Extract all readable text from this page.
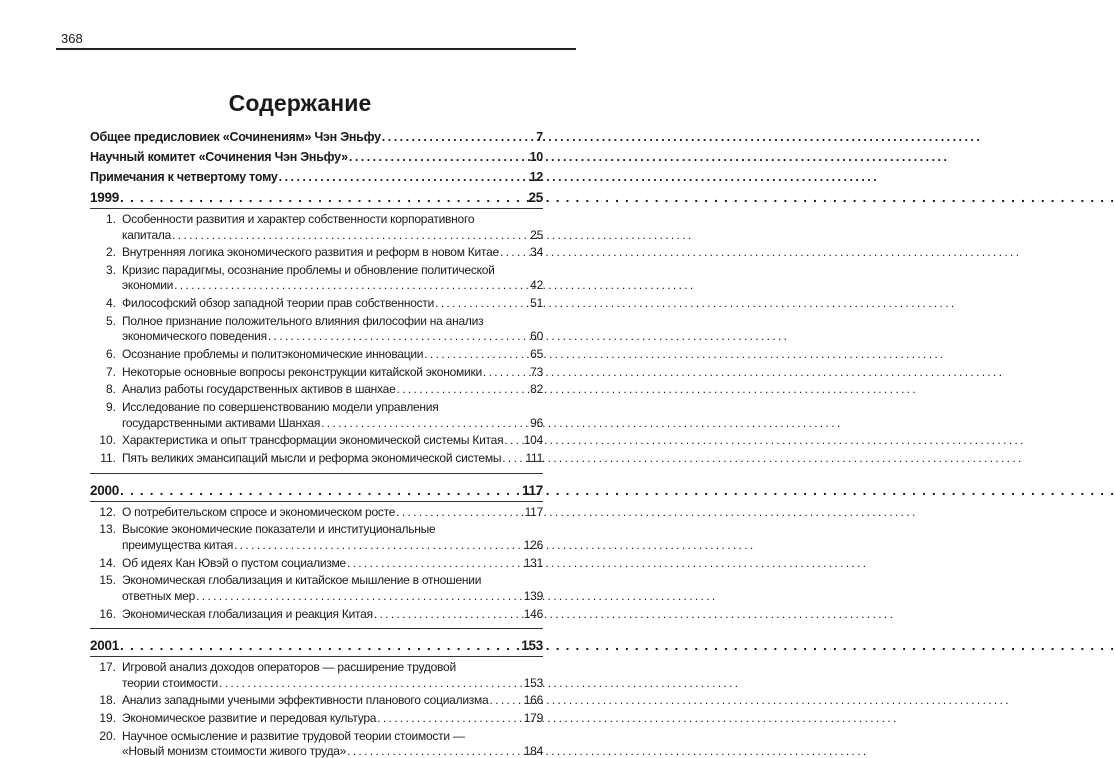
368
Содержание
Общее предисловиек «Сочинениям» Чэн Эньфу . . .	7
Научный комитет «Сочинения Чэн Эньфу» . . .	10
Примечания к четвертому тому . . .	12
1999 . . .	25
1. Особенности развития и характер собственности корпоративного
капитала . . .	25
2. Внутренняя логика экономического развития и реформ в новом Китае . . .	34
3. Кризис парадигмы, осознание проблемы и обновление политической
экономии . . .	42
4. Философский обзор западной теории прав собственности . . .	51
5. Полное признание положительного влияния философии на анализ
экономического поведения . . .	60
6. Осознание проблемы и политэкономические инновации . . .	65
7. Некоторые основные вопросы реконструкции китайской экономики . . .	73
8. Анализ работы государственных активов в шанхае . . .	82
9. Исследование по совершенствованию модели управления
государственными активами Шанхая . . .	96
10. Характеристика и опыт трансформации экономической системы Китая . . . 104
11. Пять великих эмансипаций мысли и реформа экономической системы . . . 111
2000 . . .	117
12. О потребительском спросе и экономическом росте . . .	117
13. Высокие экономические показатели и институциональные
преимущества китая . . .	126
14. Об идеях Кан Ювэй о пустом социализме . . .	131
15. Экономическая глобализация и китайское мышление в отношении
ответных мер . . .	139
16. Экономическая глобализация и реакция Китая . . .	146
2001 . . .	153
17. Игровой анализ доходов операторов — расширение трудовой
теории стоимости . . .	153
18. Анализ западными учеными эффективности планового социализма . . .	166
19. Экономическое развитие и передовая культура . . .	179
20. Научное осмысление и развитие трудовой теории стоимости —
«Новый монизм стоимости живого труда» . . .	184
